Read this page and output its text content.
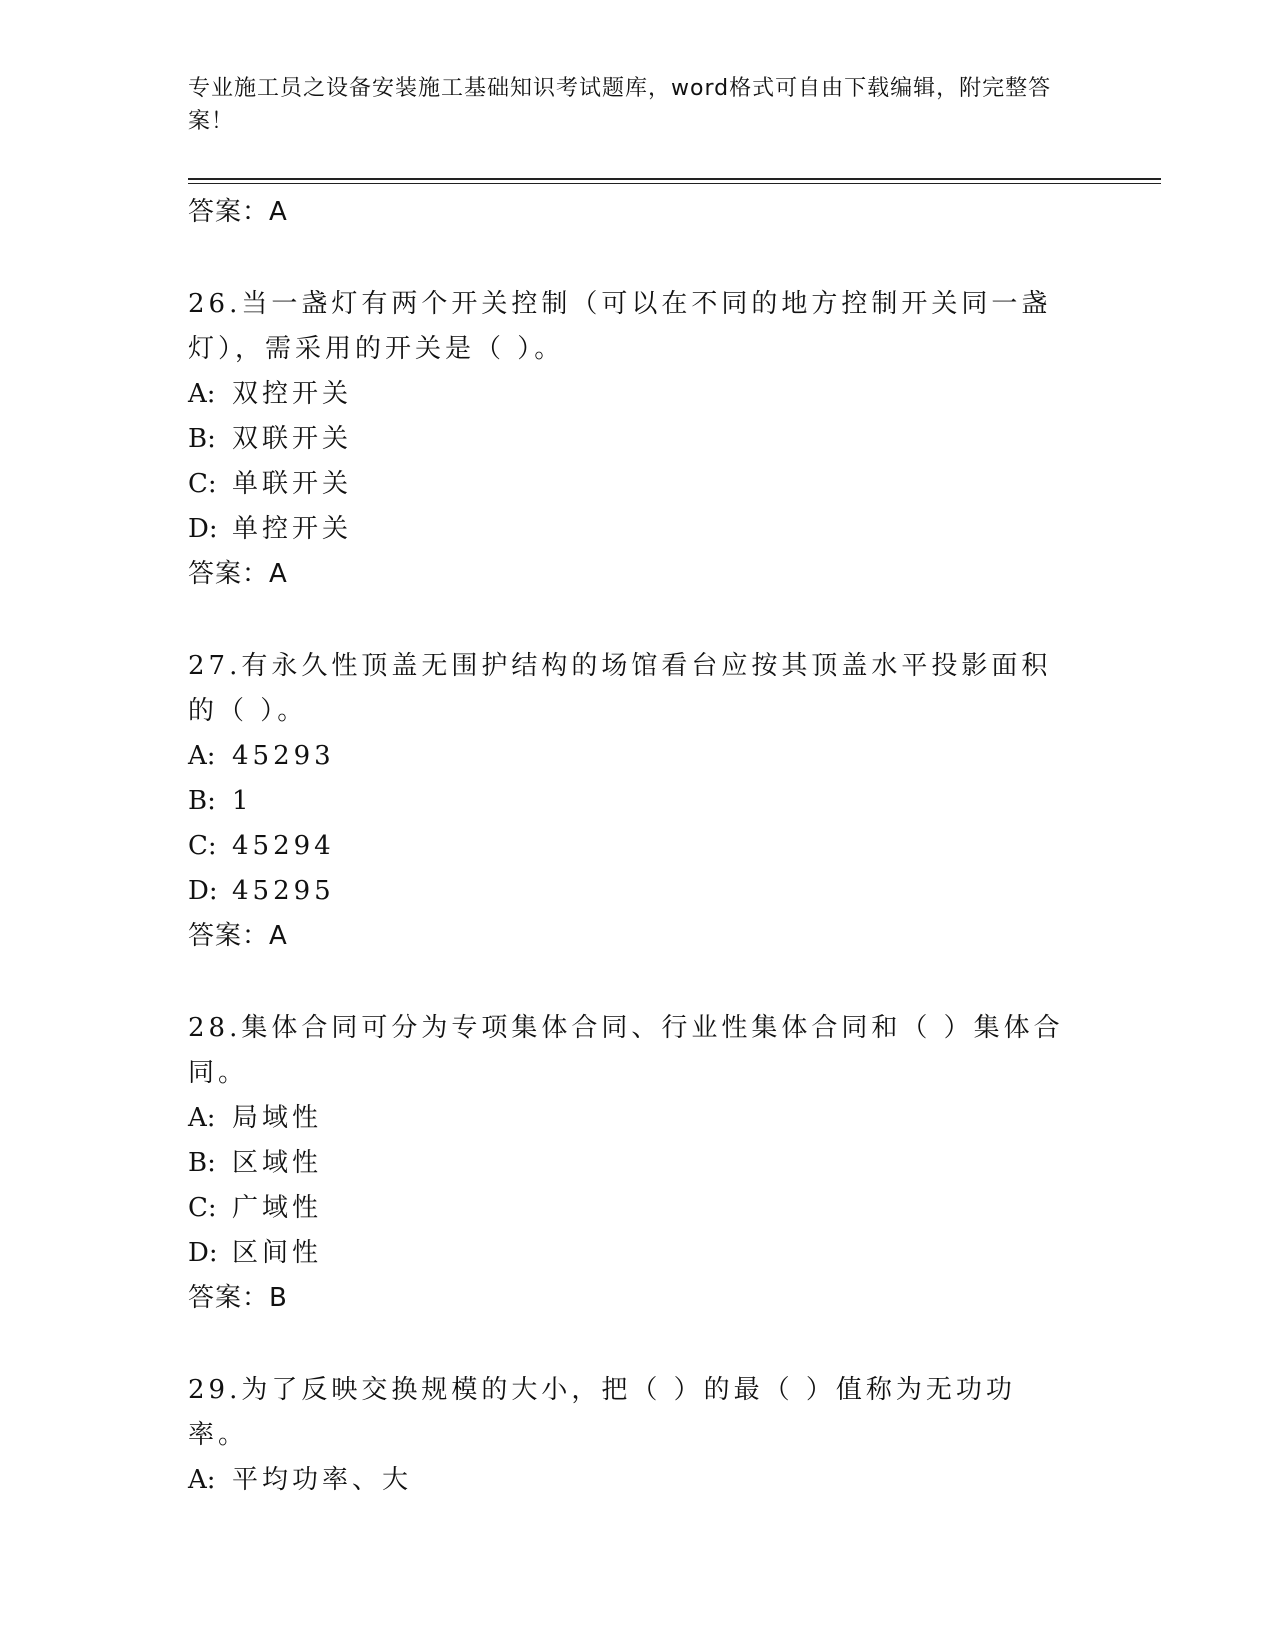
专业施工员之设备安装施工基础知识考试题库，word格式可自由下载编辑，附完整答案！
答案：A
26.当一盏灯有两个开关控制（可以在不同的地方控制开关同一盏灯），需采用的开关是（ ）。
A: 双控开关
B: 双联开关
C: 单联开关
D: 单控开关
答案：A
27.有永久性顶盖无围护结构的场馆看台应按其顶盖水平投影面积的（ ）。
A: 45293
B: 1
C: 45294
D: 45295
答案：A
28.集体合同可分为专项集体合同、行业性集体合同和（ ）集体合同。
A: 局域性
B: 区域性
C: 广域性
D: 区间性
答案：B
29.为了反映交换规模的大小，把（ ）的最（ ）值称为无功功率。
A: 平均功率、大
